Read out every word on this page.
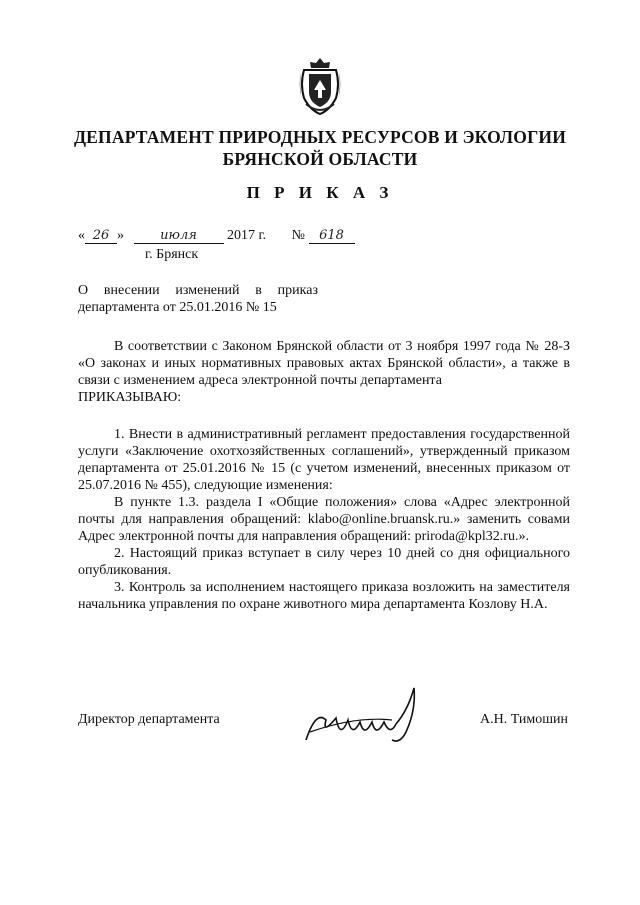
ДЕПАРТАМЕНТ ПРИРОДНЫХ РЕСУРСОВ И ЭКОЛОГИИ
БРЯНСКОЙ ОБЛАСТИ
П Р И К А З
« 26 »	июля 2017 г. № 618
г. Брянск
О внесении изменений в приказ
департамента от 25.01.2016 № 15
В соответствии с Законом Брянской области от 3 ноября 1997 года № 28-З «О законах и иных нормативных правовых актах Брянской области», а также в связи с изменением адреса электронной почты департамента
ПРИКАЗЫВАЮ:
1. Внести в административный регламент предоставления государственной услуги «Заключение охотхозяйственных соглашений», утвержденный приказом департамента от 25.01.2016 № 15 (с учетом изменений, внесенных приказом от 25.07.2016 № 455), следующие изменения:
В пункте 1.3. раздела I «Общие положения» слова «Адрес электронной почты для направления обращений: klabo@online.bruansk.ru.» заменить совами Адрес электронной почты для направления обращений: priroda@kpl32.ru.».
2. Настоящий приказ вступает в силу через 10 дней со дня официального опубликования.
3. Контроль за исполнением настоящего приказа возложить на заместителя начальника управления по охране животного мира департамента Козлову Н.А.
Директор департамента	А.Н. Тимошин
